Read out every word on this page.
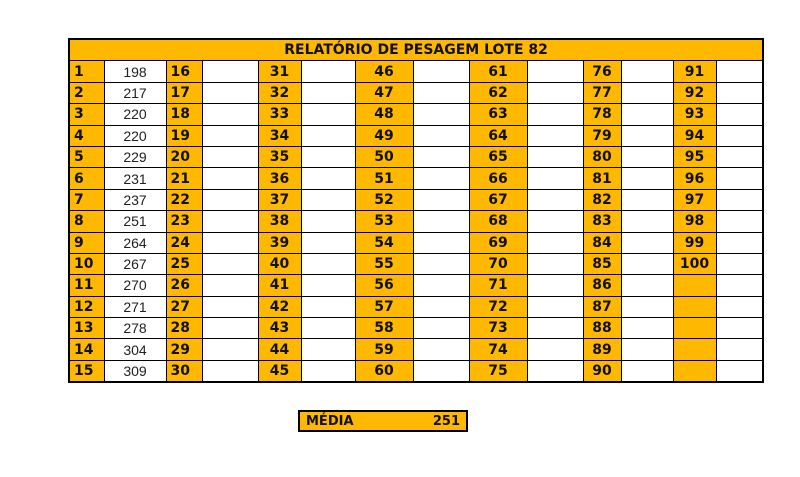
RELATÓRIO DE PESAGEM LOTE 82													
1	198	16		31		46		61		76		91	
2	217	17		32		47		62		77		92	
3	220	18		33		48		63		78		93	
4	220	19		34		49		64		79		94	
5	229	20		35		50		65		80		95	
6	231	21		36		51		66		81		96	
7	237	22		37		52		67		82		97	
8	251	23		38		53		68		83		98	
9	264	24		39		54		69		84		99	
10	267	25		40		55		70		85		100	
11	270	26		41		56		71		86			
12	271	27		42		57		72		87			
13	278	28		43		58		73		88			
14	304	29		44		59		74		89			
15	309	30		45		60		75		90			
MÉDIA	251
